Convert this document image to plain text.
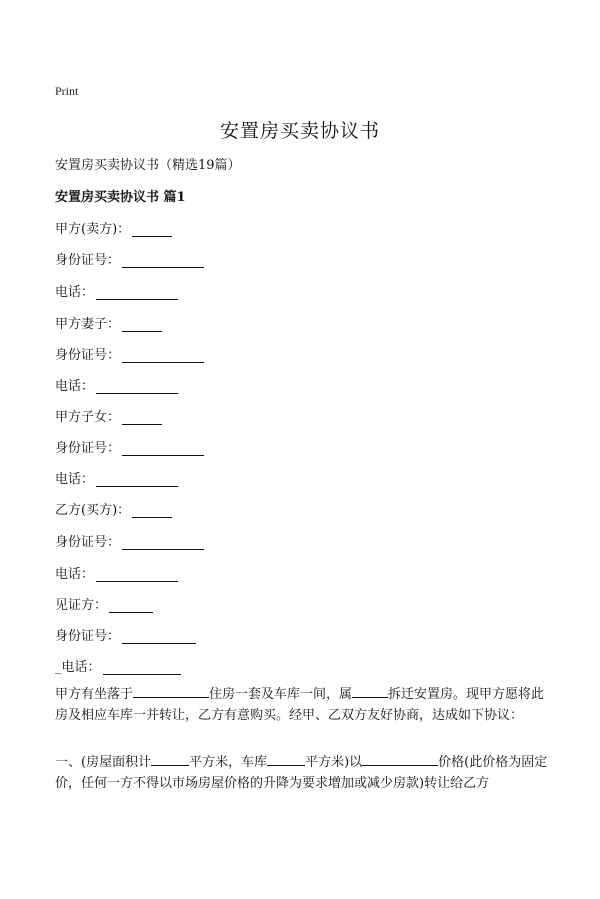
Print
安置房买卖协议书
安置房买卖协议书（精选19篇）
安置房买卖协议书 篇1
甲方(卖方)：
身份证号：
电话：
甲方妻子：
身份证号：
电话：
甲方子女：
身份证号：
电话：
乙方(买方)：
身份证号：
电话：
见证方：
身份证号：
_电话：
甲方有坐落于	住房一套及车库一间，属	拆迁安置房。现甲方愿将此房及相应车库一并转让，乙方有意购买。经甲、乙双方友好协商，达成如下协议：
一、(房屋面积计	平方米，车库	平方米)以	价格(此价格为固定价，任何一方不得以市场房屋价格的升降为要求增加或减少房款)转让给乙方
